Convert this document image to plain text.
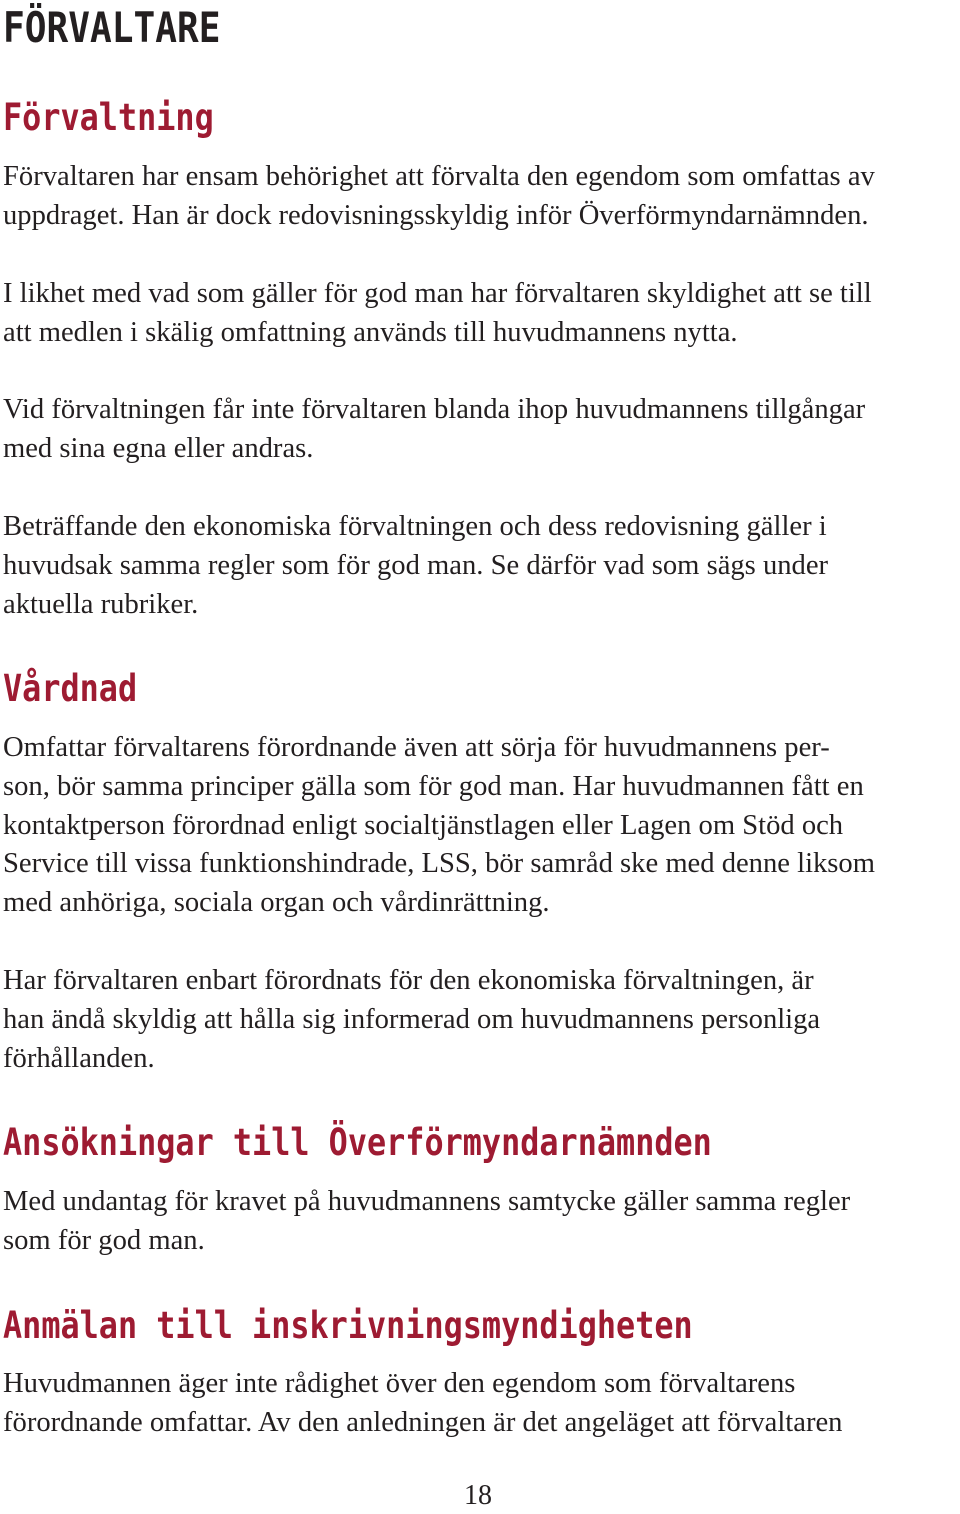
FÖRVALTARE
Förvaltning

Förvaltaren har ensam behörighet att förvalta den egendom som omfattas av
uppdraget. Han är dock redovisningsskyldig inför Överförmyndarnämnden.

I likhet med vad som gäller för god man har förvaltaren skyldighet att se till
att medlen i skälig omfattning används till huvudmannens nytta.

Vid förvaltningen får inte förvaltaren blanda ihop huvudmannens tillgångar
med sina egna eller andras.

Beträffande den ekonomiska förvaltningen och dess redovisning gäller i
huvudsak samma regler som för god man. Se därför vad som sägs under
aktuella rubriker.

Vårdnad

Omfattar förvaltarens förordnande även att sörja för huvudmannens per-
son, bör samma principer gälla som för god man. Har huvudmannen fått en
kontaktperson förordnad enligt socialtjänstlagen eller Lagen om Stöd och
Service till vissa funktionshindrade, LSS, bör samråd ske med denne liksom
med anhöriga, sociala organ och vårdinrättning.

Har förvaltaren enbart förordnats för den ekonomiska förvaltningen, är
han ändå skyldig att hålla sig informerad om huvudmannens personliga
förhållanden.

Ansökningar till Överförmyndarnämnden

Med undantag för kravet på huvudmannens samtycke gäller samma regler
som för god man.

Anmälan till inskrivningsmyndigheten

Huvudmannen äger inte rådighet över den egendom som förvaltarens
förordnande omfattar. Av den anledningen är det angeläget att förvaltaren

18
